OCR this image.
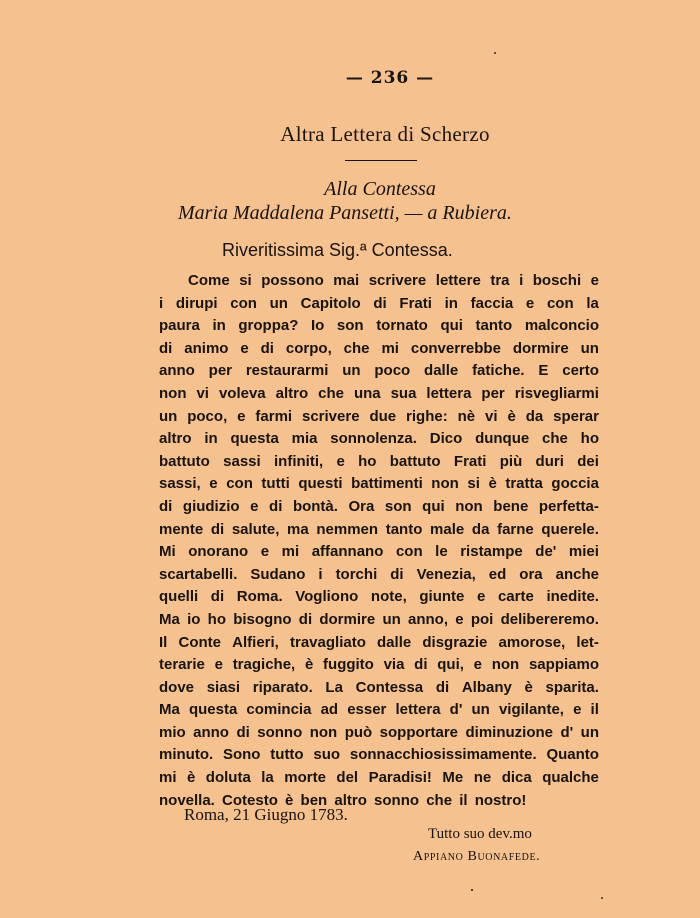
— 236 —
Altra Lettera di Scherzo
Alla Contessa
Maria Maddalena Pansetti, — a Rubiera.
Riveritissima Sig.ª Contessa.
Come si possono mai scrivere lettere tra i boschi e
i dirupi con un Capitolo di Frati in faccia e con la
paura in groppa? Io son tornato qui tanto malconcio
di animo e di corpo, che mi converrebbe dormire un
anno per restaurarmi un poco dalle fatiche. E certo
non vi voleva altro che una sua lettera per risvegliarmi
un poco, e farmi scrivere due righe: nè vi è da sperar
altro in questa mia sonnolenza. Dico dunque che ho
battuto sassi infiniti, e ho battuto Frati più duri dei
sassi, e con tutti questi battimenti non si è tratta goccia
di giudizio e di bontà. Ora son qui non bene perfetta-
mente di salute, ma nemmen tanto male da farne querele.
Mi onorano e mi affannano con le ristampe de' miei
scartabelli. Sudano i torchi di Venezia, ed ora anche
quelli di Roma. Vogliono note, giunte e carte inedite.
Ma io ho bisogno di dormire un anno, e poi delibereremo.
Il Conte Alfieri, travagliato dalle disgrazie amorose, let-
terarie e tragiche, è fuggito via di qui, e non sappiamo
dove siasi riparato. La Contessa di Albany è sparita.
Ma questa comincia ad esser lettera d' un vigilante, e il
mio anno di sonno non può sopportare diminuzione d' un
minuto. Sono tutto suo sonnacchiosissimamente. Quanto
mi è doluta la morte del Paradisi! Me ne dica qualche
novella. Cotesto è ben altro sonno che il nostro!
Roma, 21 Giugno 1783.
Tutto suo dev.mo
Appiano Buonafede.
